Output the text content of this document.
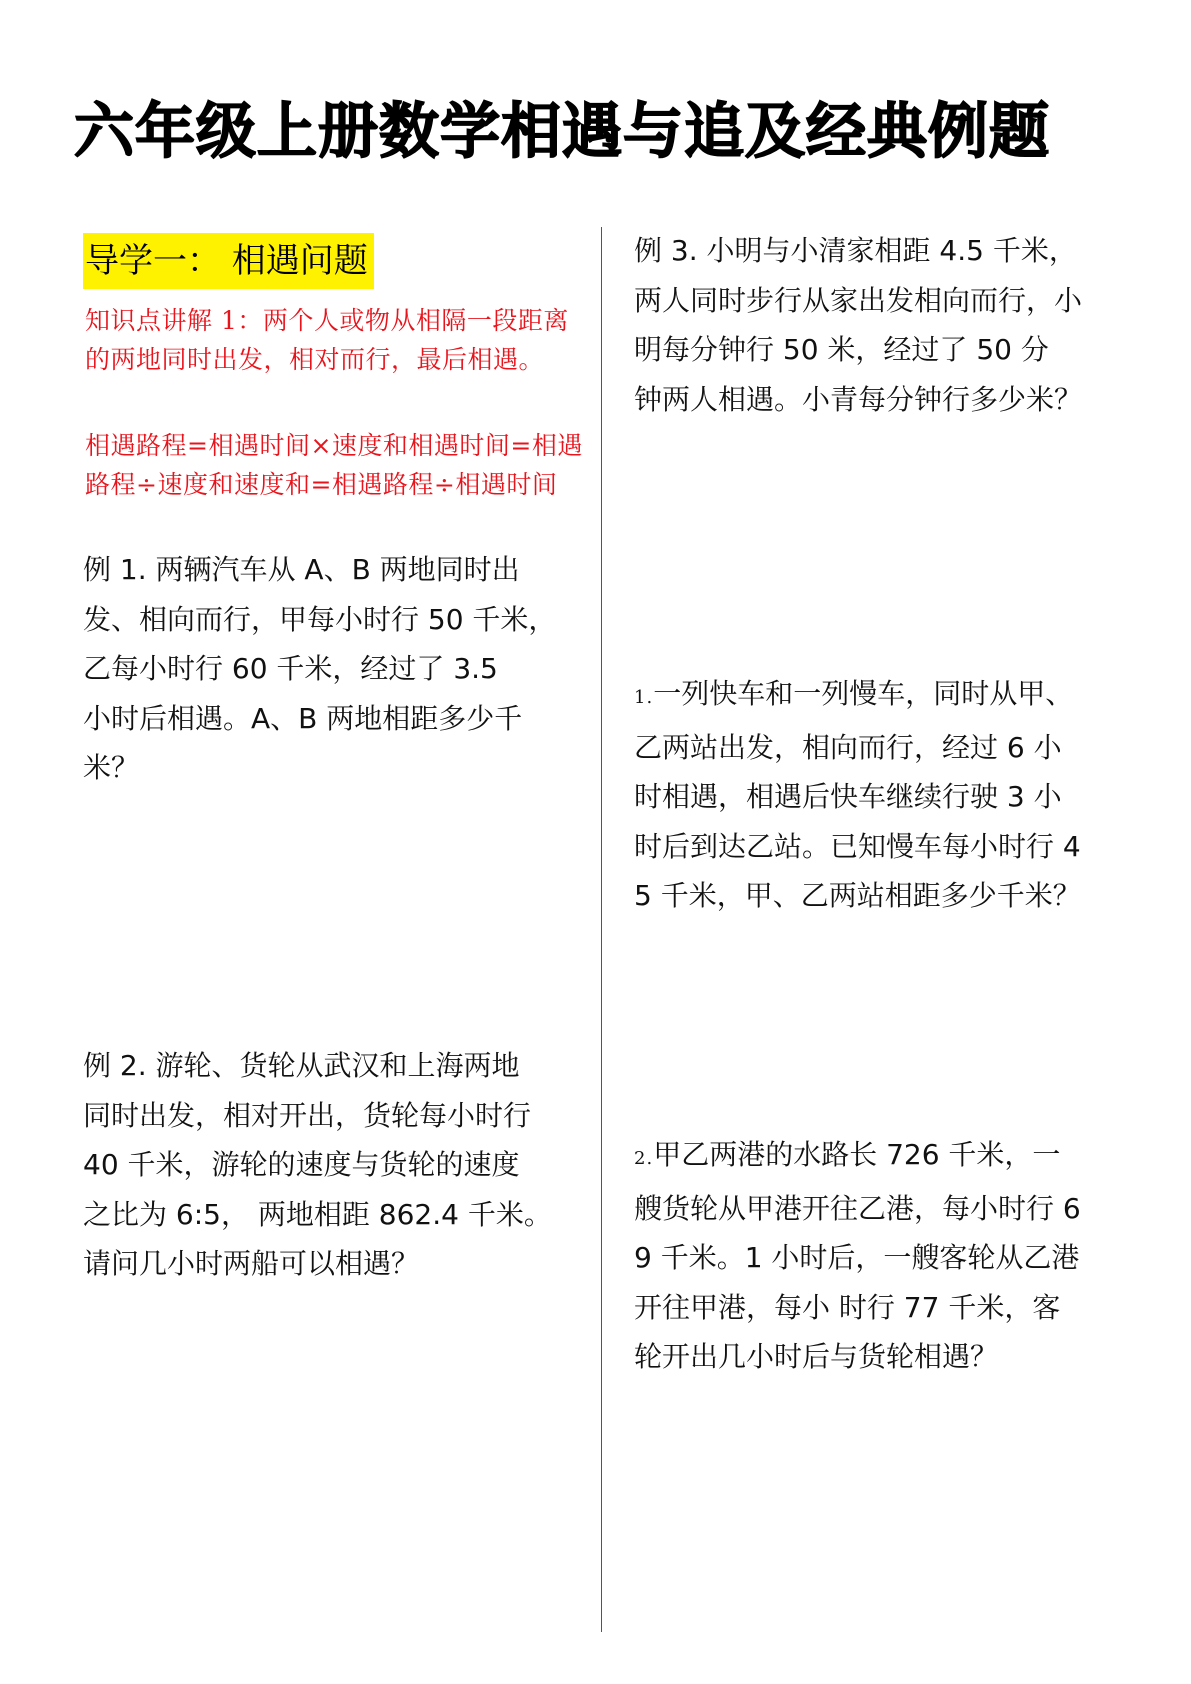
六年级上册数学相遇与追及经典例题
导学一： 相遇问题

知识点讲解 1：两个人或物从相隔一段距离的两地同时出发，相对而行，最后相遇。

相遇路程=相遇时间×速度和相遇时间=相遇路程÷速度和速度和=相遇路程÷相遇时间

例 1. 两辆汽车从 A、B 两地同时出
发、相向而行，甲每小时行 50 千米，
乙每小时行 60 千米，经过了 3.5
小时后相遇。A、B 两地相距多少千
米？
例 2. 游轮、货轮从武汉和上海两地
同时出发，相对开出，货轮每小时行
40 千米，游轮的速度与货轮的速度
之比为 6:5， 两地相距 862.4 千米。
请问几小时两船可以相遇？
例 3. 小明与小清家相距 4.5 千米，
两人同时步行从家出发相向而行，小
明每分钟行 50 米，经过了 50 分
钟两人相遇。小青每分钟行多少米？
1.一列快车和一列慢车，同时从甲、
乙两站出发，相向而行，经过 6 小
时相遇，相遇后快车继续行驶 3 小
时后到达乙站。已知慢车每小时行 4
5 千米，甲、乙两站相距多少千米？
2.甲乙两港的水路长 726 千米，一
艘货轮从甲港开往乙港，每小时行 6
9 千米。1 小时后，一艘客轮从乙港
开往甲港，每小 时行 77 千米，客
轮开出几小时后与货轮相遇？
